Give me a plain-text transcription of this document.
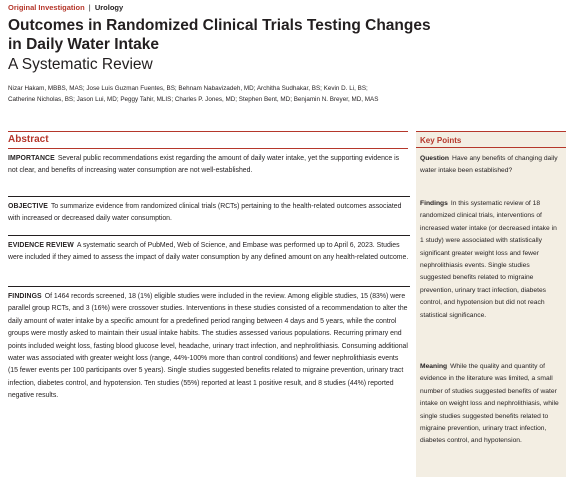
Original Investigation | Urology
Outcomes in Randomized Clinical Trials Testing Changes
in Daily Water Intake
A Systematic Review
Nizar Hakam, MBBS, MAS; Jose Luis Guzman Fuentes, BS; Behnam Nabavizadeh, MD; Architha Sudhakar, BS; Kevin D. Li, BS;
Catherine Nicholas, BS; Jason Lui, MD; Peggy Tahir, MLIS; Charles P. Jones, MD; Stephen Bent, MD; Benjamin N. Breyer, MD, MAS
Abstract
IMPORTANCE Several public recommendations exist regarding the amount of daily water intake, yet the supporting evidence is not clear, and benefits of increasing water consumption are not well-established.
OBJECTIVE To summarize evidence from randomized clinical trials (RCTs) pertaining to the health-related outcomes associated with increased or decreased daily water consumption.
EVIDENCE REVIEW A systematic search of PubMed, Web of Science, and Embase was performed up to April 6, 2023. Studies were included if they aimed to assess the impact of daily water consumption by any defined amount on any health-related outcome.
FINDINGS Of 1464 records screened, 18 (1%) eligible studies were included in the review. Among eligible studies, 15 (83%) were parallel group RCTs, and 3 (16%) were crossover studies. Interventions in these studies consisted of a recommendation to alter the daily amount of water intake by a specific amount for a predefined period ranging between 4 days and 5 years, while the control groups were mostly asked to maintain their usual intake habits. The studies assessed various populations. Recurring primary end points included weight loss, fasting blood glucose level, headache, urinary tract infection, and nephrolithiasis. Consuming additional water was associated with greater weight loss (range, 44%-100% more than control conditions) and fewer nephrolithiasis events (15 fewer events per 100 participants over 5 years). Single studies suggested benefits related to migraine prevention, urinary tract infection, diabetes control, and hypotension. Ten studies (55%) reported at least 1 positive result, and 8 studies (44%) reported negative results.
Key Points
Question Have any benefits of changing daily water intake been established?
Findings In this systematic review of 18 randomized clinical trials, interventions of increased water intake (or decreased intake in 1 study) were associated with statistically significant greater weight loss and fewer nephrolithiasis events. Single studies suggested benefits related to migraine prevention, urinary tract infection, diabetes control, and hypotension but did not reach statistical significance.
Meaning While the quality and quantity of evidence in the literature was limited, a small number of studies suggested benefits of water intake on weight loss and nephrolithiasis, while single studies suggested benefits related to migraine prevention, urinary tract infection, diabetes control, and hypotension.
